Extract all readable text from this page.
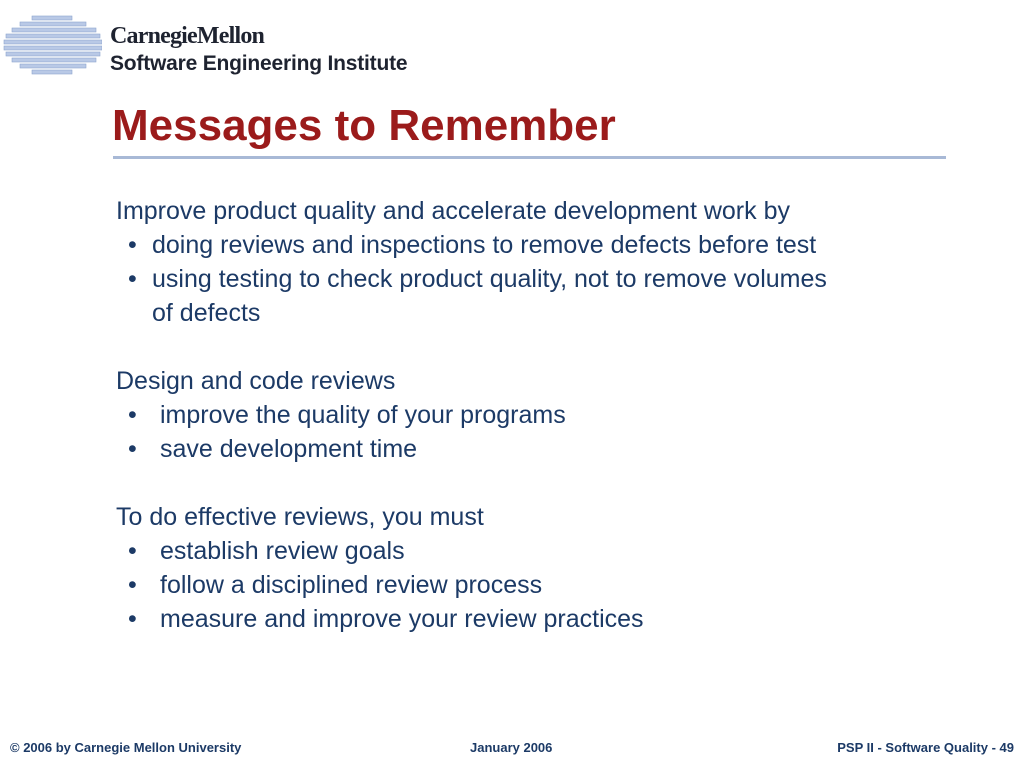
CarnegieMellon
Software Engineering Institute
Messages to Remember

Improve product quality and accelerate development work by

• doing reviews and inspections to remove defects before test
• using testing to check product quality, not to remove volumes of defects

Design and code reviews

• improve the quality of your programs
• save development time

To do effective reviews, you must

• establish review goals
• follow a disciplined review process
• measure and improve your review practices
© 2006 by Carnegie Mellon University	January 2006	PSP II - Software Quality - 49
